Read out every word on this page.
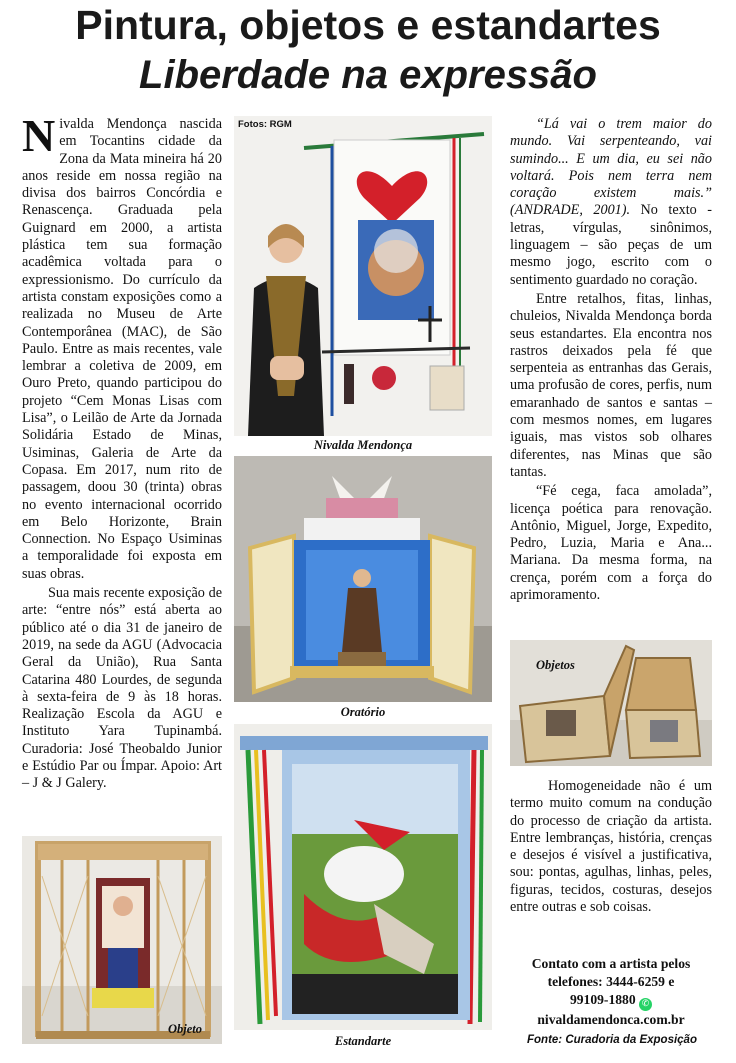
Pintura, objetos e estandartes
Liberdade na expressão

Nivalda Mendonça nascida em Tocantins cidade da Zona da Mata mineira há 20 anos reside em nossa região na divisa dos bairros Concórdia e Renascença. Graduada pela Guignard em 2000, a artista plástica tem sua formação acadêmica voltada para o expressionismo. Do currículo da artista constam exposições como a realizada no Museu de Arte Contemporânea (MAC), de São Paulo. Entre as mais recentes, vale lembrar a coletiva de 2009, em Ouro Preto, quando participou do projeto “Cem Monas Lisas com Lisa”, o Leilão de Arte da Jornada Solidária Estado de Minas, Usiminas, Galeria de Arte da Copasa. Em 2017, num rito de passagem, doou 30 (trinta) obras no evento internacional ocorrido em Belo Horizonte, Brain Connection. No Espaço Usiminas a temporalidade foi exposta em suas obras.

Sua mais recente exposição de arte: “entre nós” está aberta ao público até o dia 31 de janeiro de 2019, na sede da AGU (Advocacia Geral da União), Rua Santa Catarina 480 Lourdes, de segunda à sexta-feira de 9 às 18 horas. Realização Escola da AGU e Instituto Yara Tupinambá. Curadoria: José Theobaldo Junior e Estúdio Par ou Ímpar. Apoio: Art – J & J Galery.

Objeto
Fotos: RGM
Nivalda Mendonça
Oratório
Estandarte

“Lá vai o trem maior do mundo. Vai serpenteando, vai sumindo... E um dia, eu sei não voltará. Pois nem terra nem coração existem mais.” (ANDRADE, 2001). No texto - letras, vírgulas, sinônimos, linguagem – são peças de um mesmo jogo, escrito com o sentimento guardado no coração.

Entre retalhos, fitas, linhas, chuleios, Nivalda Mendonça borda seus estandartes. Ela encontra nos rastros deixados pela fé que serpenteia as entranhas das Gerais, uma profusão de cores, perfis, num emaranhado de santos e santas – com mesmos nomes, em lugares iguais, mas vistos sob olhares diferentes, nas Minas que são tantas.

“Fé cega, faca amolada”, licença poética para renovação. Antônio, Miguel, Jorge, Expedito, Pedro, Luzia, Maria e Ana... Mariana. Da mesma forma, na crença, porém com a força do aprimoramento.

Objetos

Homogeneidade não é um termo muito comum na condução do processo de criação da artista. Entre lembranças, história, crenças e desejos é visível a justificativa, sou: pontas, agulhas, linhas, peles, figuras, tecidos, costuras, desejos entre outras e sob coisas.

Contato com a artista pelos
telefones: 3444-6259 e
99109-1880 ✆
nivaldamendonca.com.br
Fonte: Curadoria da Exposição
